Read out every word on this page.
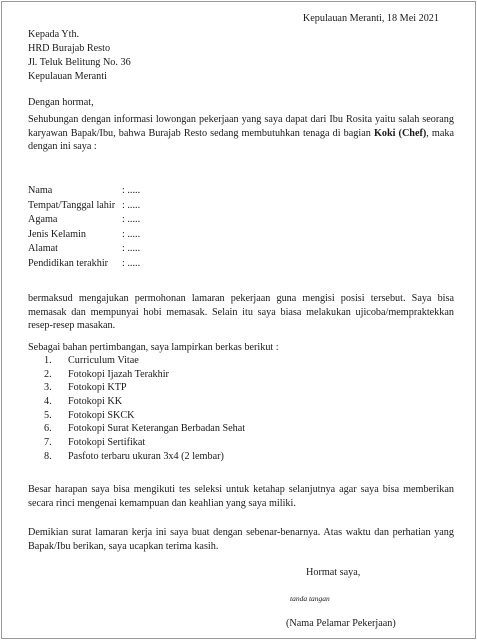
Kepulauan Meranti, 18 Mei 2021
Kepada Yth.
HRD Burajab Resto
Jl. Teluk Belitung No. 36
Kepulauan Meranti
Dengan hormat,
Sehubungan dengan informasi lowongan pekerjaan yang saya dapat dari Ibu Rosita yaitu salah seorang karyawan Bapak/Ibu, bahwa Burajab Resto sedang membutuhkan tenaga di bagian Koki (Chef), maka dengan ini saya :
Nama	: .....
Tempat/Tanggal lahir : .....
Agama	: .....
Jenis Kelamin	: .....
Alamat	: .....
Pendidikan terakhir : .....
bermaksud mengajukan permohonan lamaran pekerjaan guna mengisi posisi tersebut. Saya bisa memasak dan mempunyai hobi memasak. Selain itu saya biasa melakukan ujicoba/mempraktekkan resep-resep masakan.
Sebagai bahan pertimbangan, saya lampirkan berkas berikut :
1. Curriculum Vitae
2. Fotokopi Ijazah Terakhir
3. Fotokopi KTP
4. Fotokopi KK
5. Fotokopi SKCK
6. Fotokopi Surat Keterangan Berbadan Sehat
7. Fotokopi Sertifikat
8. Pasfoto terbaru ukuran 3x4 (2 lembar)
Besar harapan saya bisa mengikuti tes seleksi untuk ketahap selanjutnya agar saya bisa memberikan secara rinci mengenai kemampuan dan keahlian yang saya miliki.
Demikian surat lamaran kerja ini saya buat dengan sebenar-benarnya. Atas waktu dan perhatian yang Bapak/Ibu berikan, saya ucapkan terima kasih.
Hormat saya,
tanda tangan
(Nama Pelamar Pekerjaan)
